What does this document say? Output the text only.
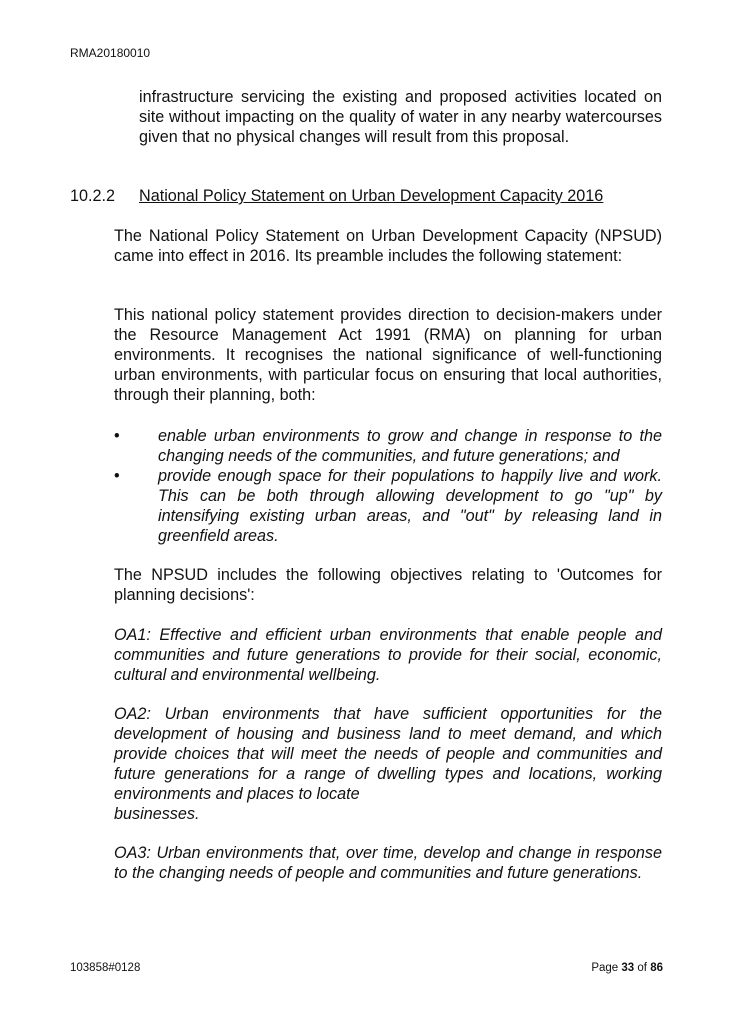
RMA20180010
infrastructure servicing the existing and proposed activities located on site without impacting on the quality of water in any nearby watercourses given that no physical changes will result from this proposal.
10.2.2 National Policy Statement on Urban Development Capacity 2016
The National Policy Statement on Urban Development Capacity (NPSUD) came into effect in 2016. Its preamble includes the following statement:
This national policy statement provides direction to decision-makers under the Resource Management Act 1991 (RMA) on planning for urban environments. It recognises the national significance of well-functioning urban environments, with particular focus on ensuring that local authorities, through their planning, both:
• enable urban environments to grow and change in response to the changing needs of the communities, and future generations; and
• provide enough space for their populations to happily live and work. This can be both through allowing development to go "up" by intensifying existing urban areas, and "out" by releasing land in greenfield areas.
The NPSUD includes the following objectives relating to 'Outcomes for planning decisions':
OA1: Effective and efficient urban environments that enable people and communities and future generations to provide for their social, economic, cultural and environmental wellbeing.
OA2: Urban environments that have sufficient opportunities for the development of housing and business land to meet demand, and which provide choices that will meet the needs of people and communities and future generations for a range of dwelling types and locations, working environments and places to locate
businesses.
OA3: Urban environments that, over time, develop and change in response to the changing needs of people and communities and future generations.
103858#0128	Page 33 of 86
